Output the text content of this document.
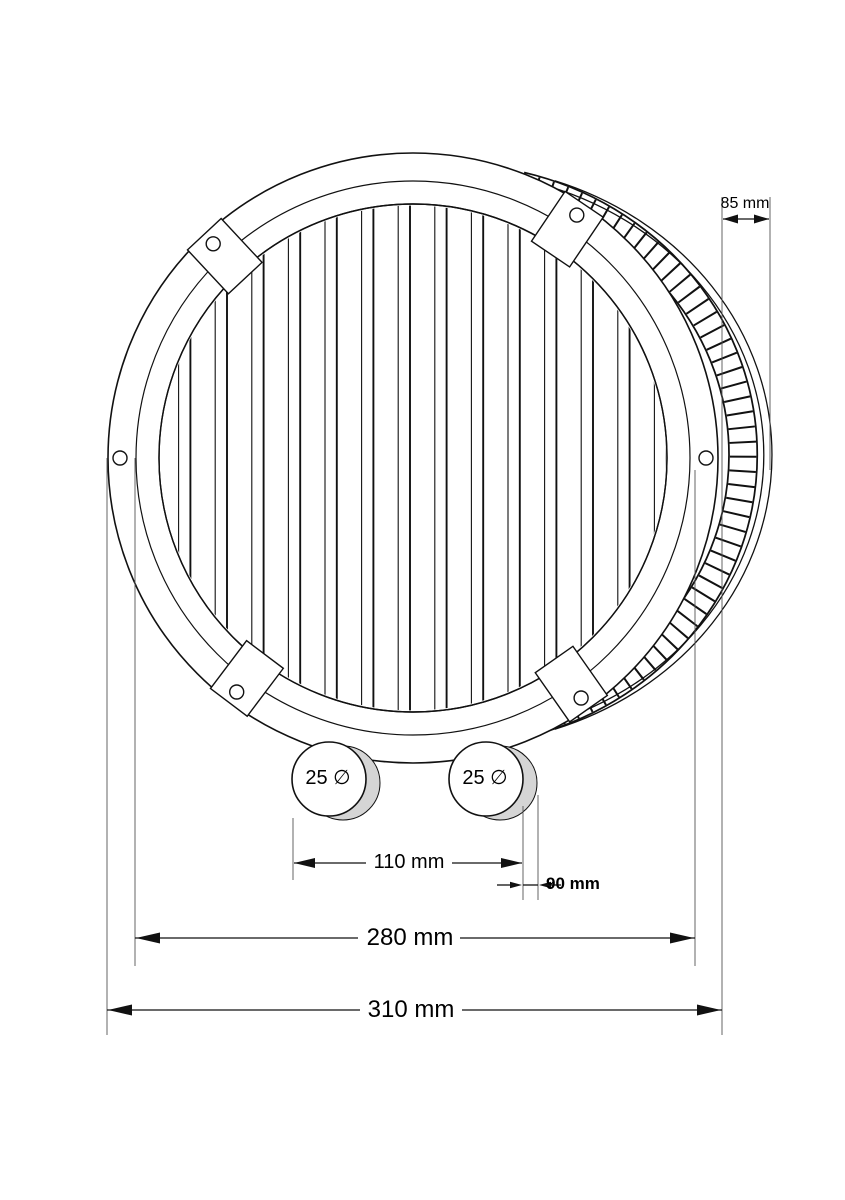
85 mm
110 mm
90 mm
280 mm
310 mm
25 ∅	25 ∅
